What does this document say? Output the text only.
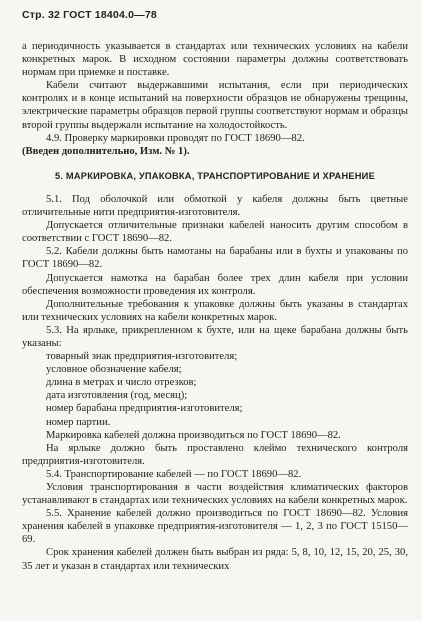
Стр. 32 ГОСТ 18404.0—78

а периодичность указывается в стандартах или технических условиях на кабели конкретных марок. В исходном состоянии параметры должны соответствовать нормам при приемке и поставке.

Кабели считают выдержавшими испытания, если при периодических контролях и в конце испытаний на поверхности образцов не обнаружены трещины, электрические параметры образцов первой группы соответствуют нормам и образцы второй группы выдержали испытание на холодостойкость.

4.9. Проверку маркировки проводят по ГОСТ 18690—82.

(Введен дополнительно, Изм. № 1).

5. МАРКИРОВКА, УПАКОВКА, ТРАНСПОРТИРОВАНИЕ И ХРАНЕНИЕ

5.1. Под оболочкой или обмоткой у кабеля должны быть цветные отличительные нити предприятия-изготовителя.

Допускается отличительные признаки кабелей наносить другим способом в соответствии с ГОСТ 18690—82.

5.2. Кабели должны быть намотаны на барабаны или в бухты и упакованы по ГОСТ 18690—82.

Допускается намотка на барабан более трех длин кабеля при условии обеспечения возможности проведения их контроля.

Дополнительные требования к упаковке должны быть указаны в стандартах или технических условиях на кабели конкретных марок.

5.3. На ярлыке, прикрепленном к бухте, или на щеке барабана должны быть указаны:

товарный знак предприятия-изготовителя;
условное обозначение кабеля;
длина в метрах и число отрезков;
дата изготовления (год, месяц);
номер барабана предприятия-изготовителя;
номер партии.

Маркировка кабелей должна производиться по ГОСТ 18690—82.

На ярлыке должно быть проставлено клеймо технического контроля предприятия-изготовителя.

5.4. Транспортирование кабелей — по ГОСТ 18690—82.

Условия транспортирования в части воздействия климатических факторов устанавливают в стандартах или технических условиях на кабели конкретных марок.

5.5. Хранение кабелей должно производиться по ГОСТ 18690—82. Условия хранения кабелей в упаковке предприятия-изготовителя — 1, 2, 3 по ГОСТ 15150—69.

Срок хранения кабелей должен быть выбран из ряда: 5, 8, 10, 12, 15, 20, 25, 30, 35 лет и указан в стандартах или технических
